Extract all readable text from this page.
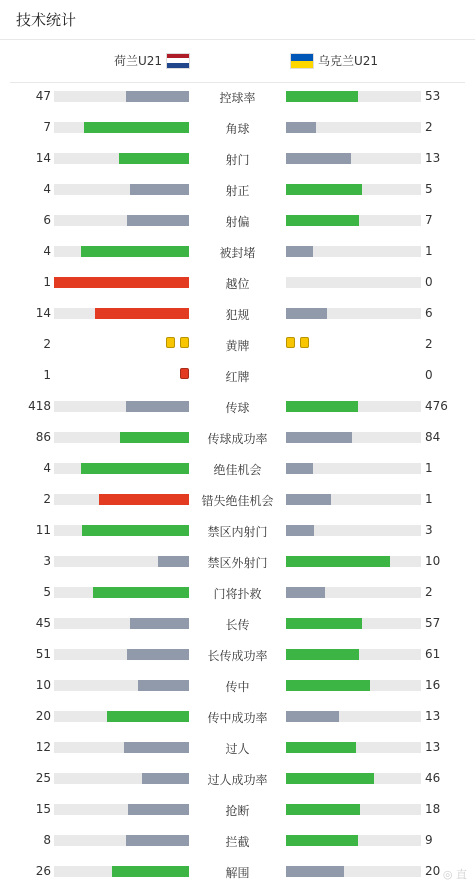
技术统计
荷兰U21	乌克兰U21
47	控球率	53
7	角球	2
14	射门	13
4	射正	5
6	射偏	7
4	被封堵	1
1	越位	0
14	犯规	6
2	黄牌	2
1	红牌	0
418	传球	476
86	传球成功率	84
4	绝佳机会	1
2	错失绝佳机会	1
11	禁区内射门	3
3	禁区外射门	10
5	门将扑救	2
45	长传	57
51	长传成功率	61
10	传中	16
20	传中成功率	13
12	过人	13
25	过人成功率	46
15	抢断	18
8	拦截	9
26	解围	20 ◎ 直
